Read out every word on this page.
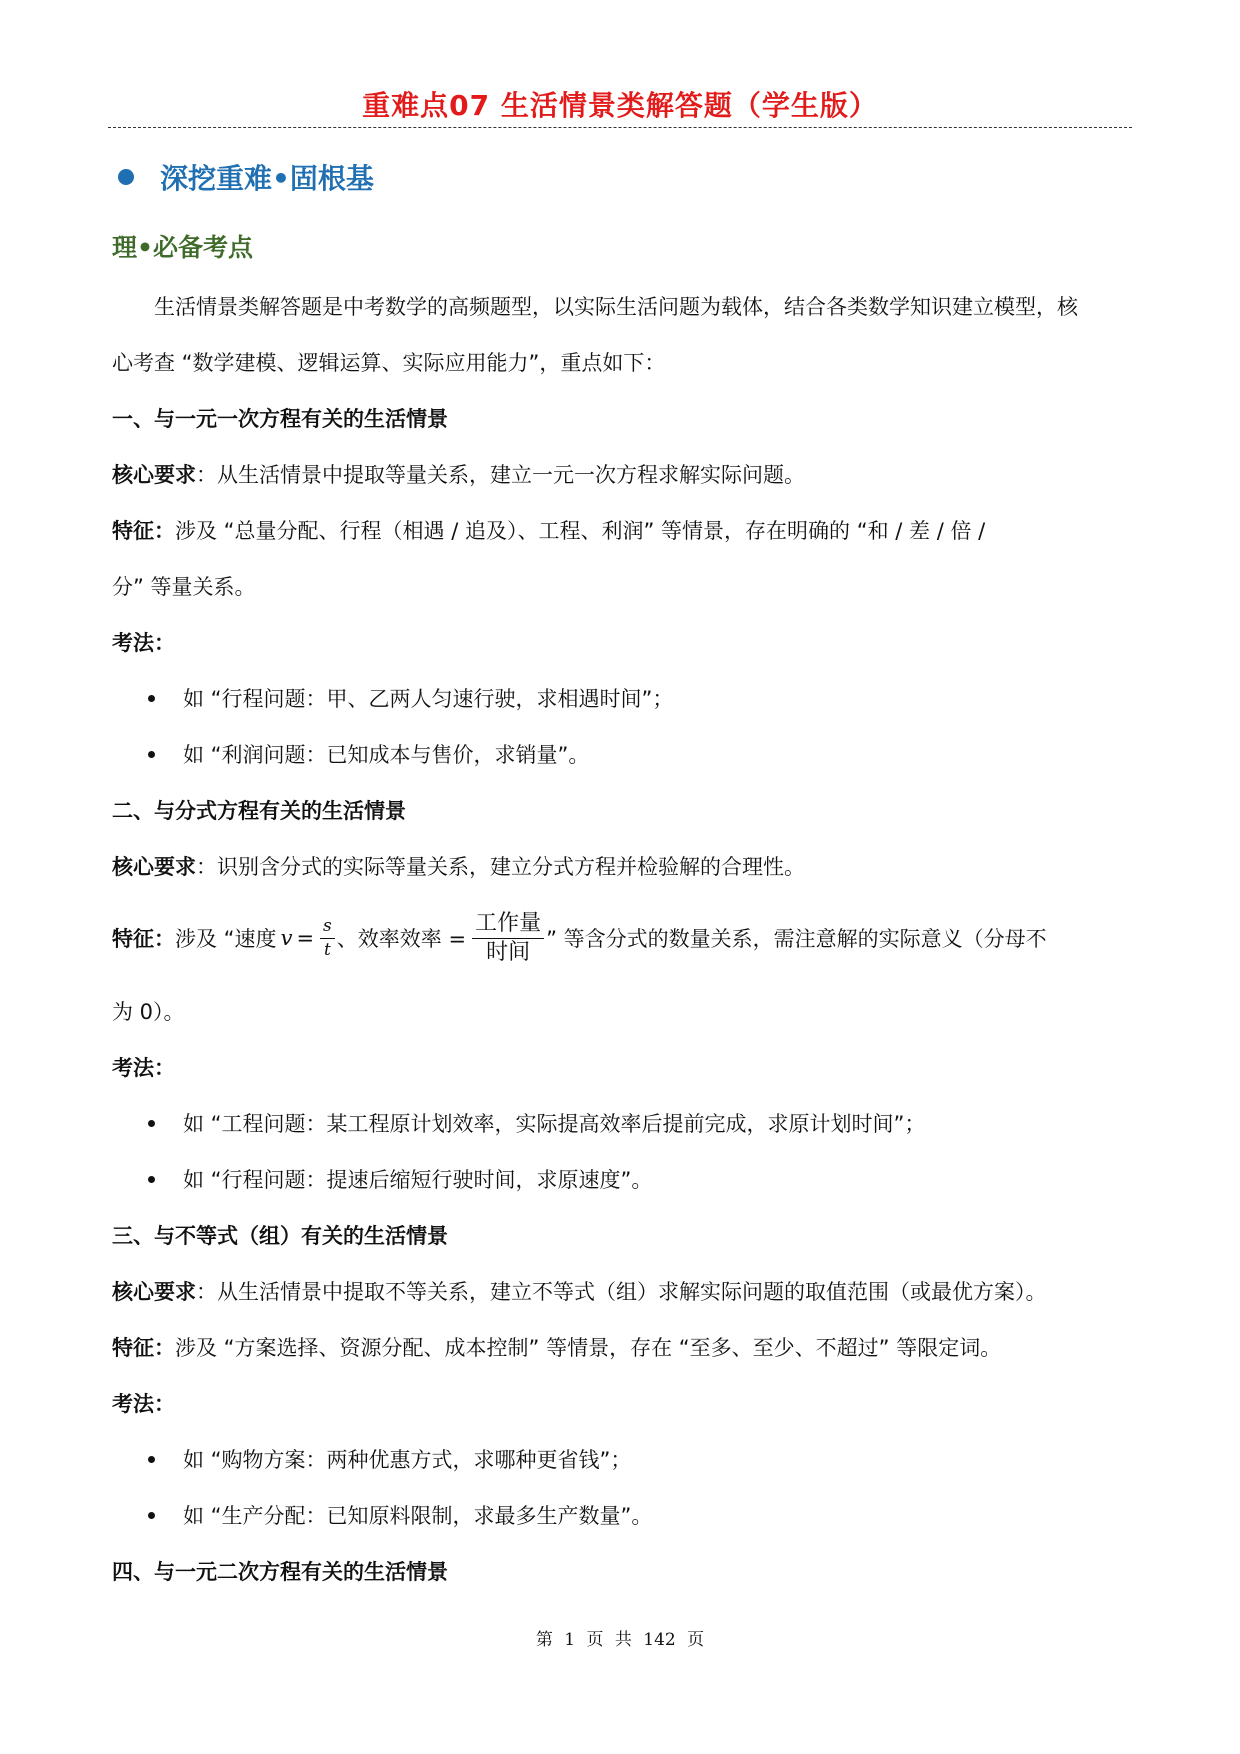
重难点07 生活情景类解答题（学生版）
深挖重难•固根基
理•必备考点
生活情景类解答题是中考数学的高频题型，以实际生活问题为载体，结合各类数学知识建立模型，核
心考查 “数学建模、逻辑运算、实际应用能力”，重点如下：
一、与一元一次方程有关的生活情景
核心要求：从生活情景中提取等量关系，建立一元一次方程求解实际问题。
特征：涉及 “总量分配、行程（相遇 / 追及）、工程、利润” 等情景，存在明确的 “和 / 差 / 倍 /
分” 等量关系。
考法：
如 “行程问题：甲、乙两人匀速行驶，求相遇时间”；
如 “利润问题：已知成本与售价，求销量”。
二、与分式方程有关的生活情景
核心要求：识别含分式的实际等量关系，建立分式方程并检验解的合理性。
特征： 涉及 “速度 $v = \frac{s}{t}$ 、效率效率 = $\frac{\text{工作量}}{\text{时间}}$ ” 等含分式的数量关系，需注意解的实际意义（分母不
为 0）。
考法：
如 “工程问题：某工程原计划效率，实际提高效率后提前完成，求原计划时间”；
如 “行程问题：提速后缩短行驶时间，求原速度”。
三、与不等式（组）有关的生活情景
核心要求：从生活情景中提取不等关系，建立不等式（组）求解实际问题的取值范围（或最优方案）。
特征：涉及 “方案选择、资源分配、成本控制” 等情景，存在 “至多、至少、不超过” 等限定词。
考法：
如 “购物方案：两种优惠方式，求哪种更省钱”；
如 “生产分配：已知原料限制，求最多生产数量”。
四、与一元二次方程有关的生活情景
第 1 页 共 142 页
